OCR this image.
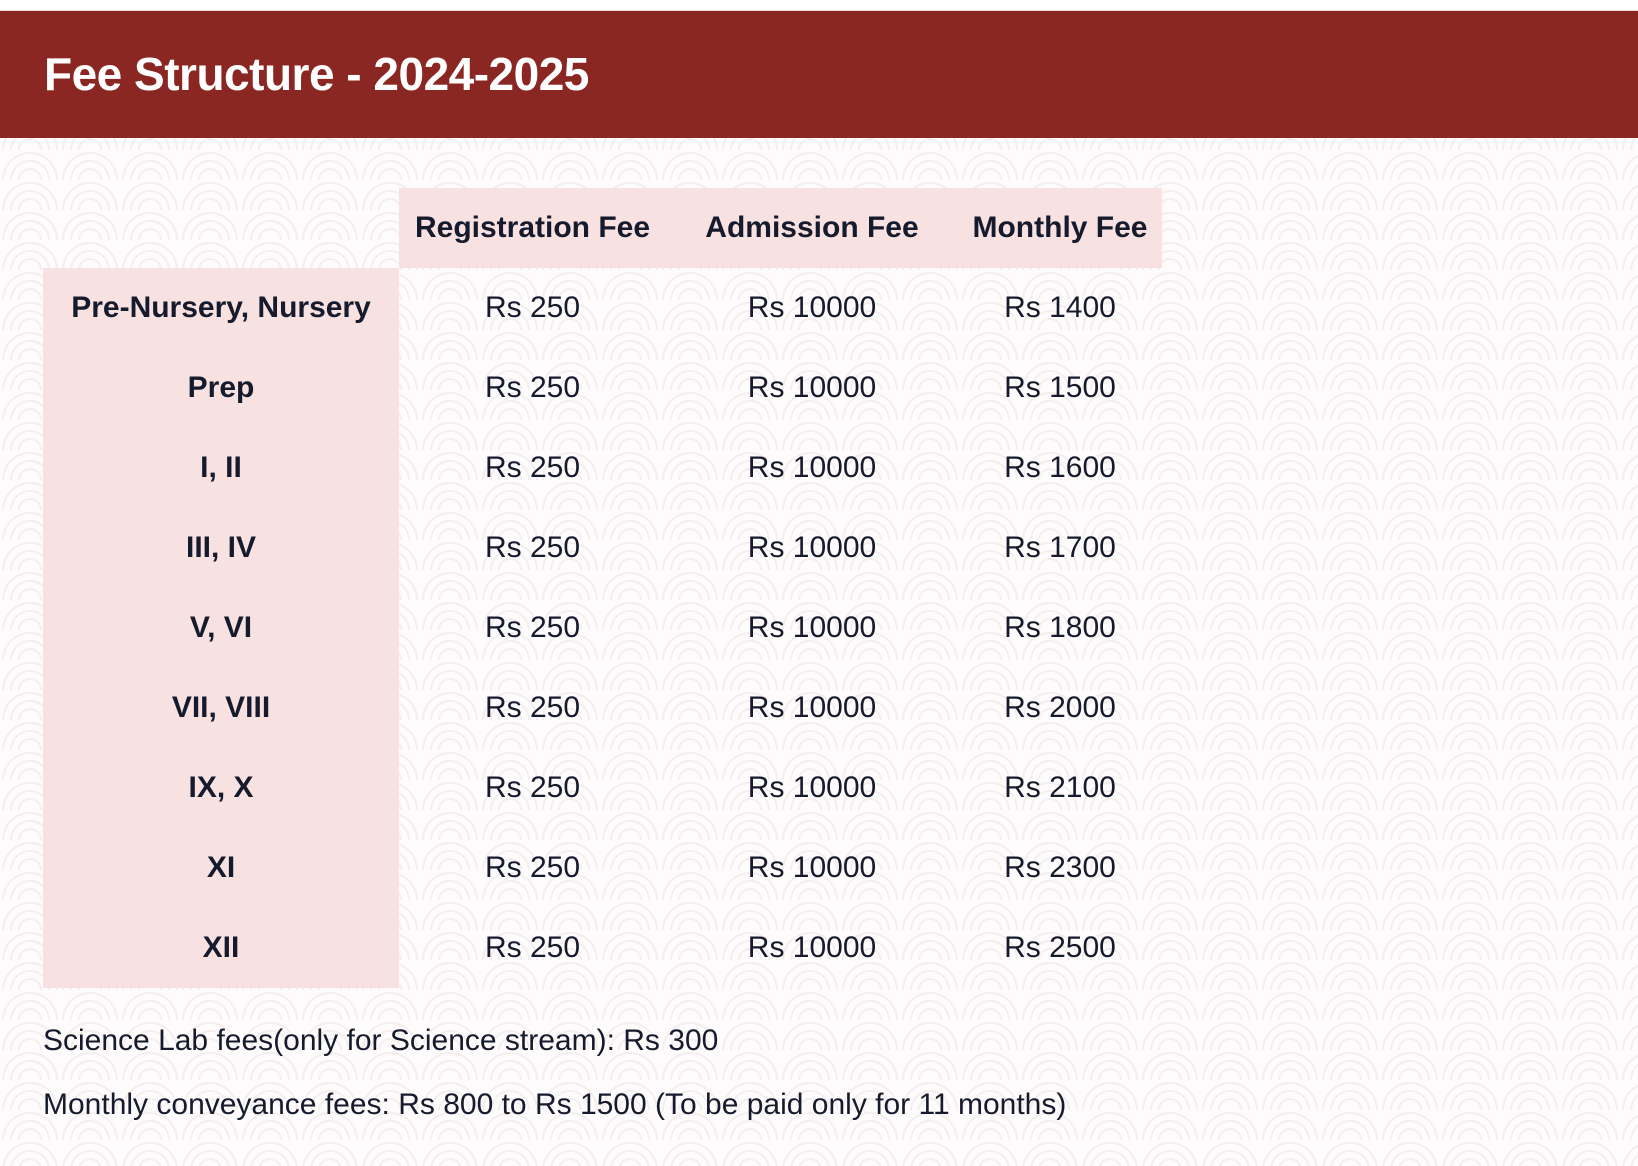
Fee Structure - 2024-2025
	Registration Fee	Admission Fee	Monthly Fee
Pre-Nursery, Nursery	Rs 250	Rs 10000	Rs 1400
Prep	Rs 250	Rs 10000	Rs 1500
I, II	Rs 250	Rs 10000	Rs 1600
III, IV	Rs 250	Rs 10000	Rs 1700
V, VI	Rs 250	Rs 10000	Rs 1800
VII, VIII	Rs 250	Rs 10000	Rs 2000
IX, X	Rs 250	Rs 10000	Rs 2100
XI	Rs 250	Rs 10000	Rs 2300
XII	Rs 250	Rs 10000	Rs 2500
Science Lab fees(only for Science stream): Rs 300
Monthly conveyance fees: Rs 800 to Rs 1500 (To be paid only for 11 months)
